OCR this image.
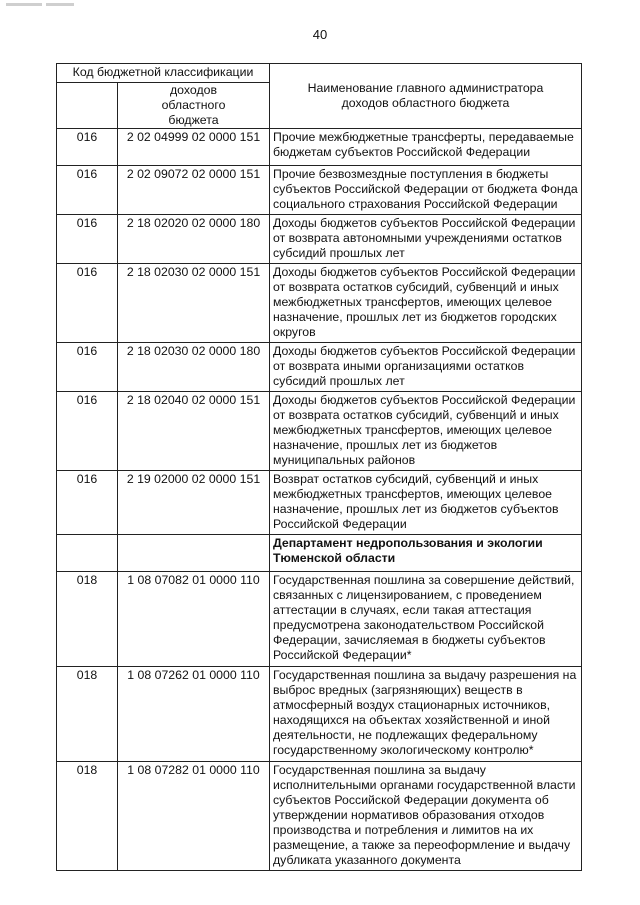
40
Код бюджетной классификации		Наименование главного администратора доходов областного бюджета
	доходов областного бюджета	
016	2 02 04999 02 0000 151	Прочие межбюджетные трансферты, передаваемые бюджетам субъектов Российской Федерации
016	2 02 09072 02 0000 151	Прочие безвозмездные поступления в бюджеты субъектов Российской Федерации от бюджета Фонда социального страхования Российской Федерации
016	2 18 02020 02 0000 180	Доходы бюджетов субъектов Российской Федерации от возврата автономными учреждениями остатков субсидий прошлых лет
016	2 18 02030 02 0000 151	Доходы бюджетов субъектов Российской Федерации от возврата остатков субсидий, субвенций и иных межбюджетных трансфертов, имеющих целевое назначение, прошлых лет из бюджетов городских округов
016	2 18 02030 02 0000 180	Доходы бюджетов субъектов Российской Федерации от возврата иными организациями остатков субсидий прошлых лет
016	2 18 02040 02 0000 151	Доходы бюджетов субъектов Российской Федерации от возврата остатков субсидий, субвенций и иных межбюджетных трансфертов, имеющих целевое назначение, прошлых лет из бюджетов муниципальных районов
016	2 19 02000 02 0000 151	Возврат остатков субсидий, субвенций и иных межбюджетных трансфертов, имеющих целевое назначение, прошлых лет из бюджетов субъектов Российской Федерации
		Департамент недропользования и экологии Тюменской области
018	1 08 07082 01 0000 110	Государственная пошлина за совершение действий, связанных с лицензированием, с проведением аттестации в случаях, если такая аттестация предусмотрена законодательством Российской Федерации, зачисляемая в бюджеты субъектов Российской Федерации*
018	1 08 07262 01 0000 110	Государственная пошлина за выдачу разрешения на выброс вредных (загрязняющих) веществ в атмосферный воздух стационарных источников, находящихся на объектах хозяйственной и иной деятельности, не подлежащих федеральному государственному экологическому контролю*
018	1 08 07282 01 0000 110	Государственная пошлина за выдачу исполнительными органами государственной власти субъектов Российской Федерации документа об утверждении нормативов образования отходов производства и потребления и лимитов на их размещение, а также за переоформление и выдачу дубликата указанного документа
